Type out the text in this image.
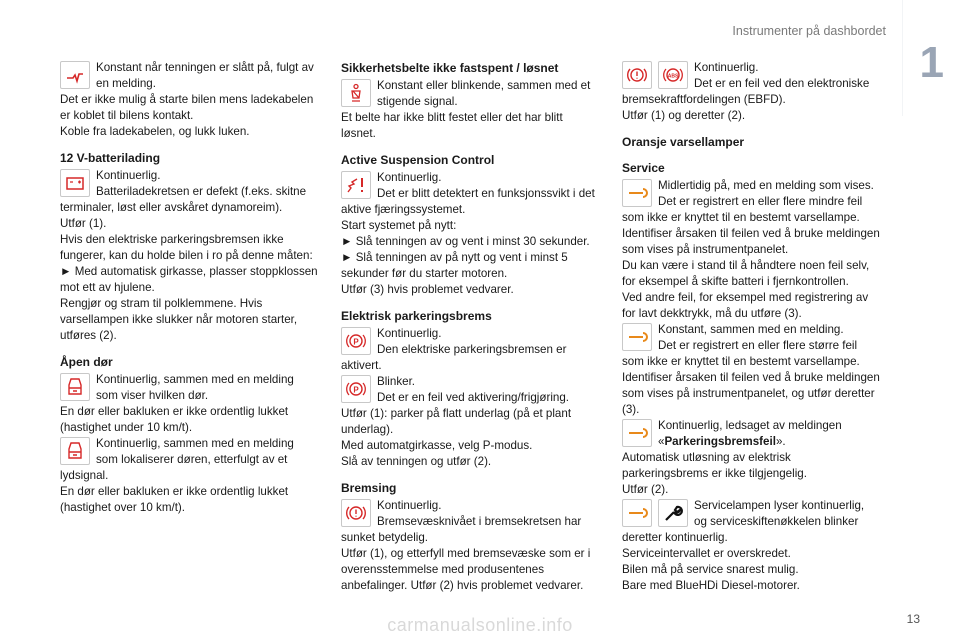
Instrumenter på dashbordet
1
Konstant når tenningen er slått på, fulgt av en melding.

Det er ikke mulig å starte bilen mens ladekabelen er koblet til bilens kontakt.

Koble fra ladekabelen, og lukk luken.

12 V-batterilading
Kontinuerlig.
Batteriladekretsen er defekt (f.eks. skitne terminaler, løst eller avskåret dynamoreim).

Utfør (1).

Hvis den elektriske parkeringsbremsen ikke fungerer, kan du holde bilen i ro på denne måten:

► Med automatisk girkasse, plasser stoppklossen mot ett av hjulene.

Rengjør og stram til polklemmene. Hvis varsellampen ikke slukker når motoren starter, utføres (2).

Åpen dør
Kontinuerlig, sammen med en melding som viser hvilken dør.

En dør eller bakluken er ikke ordentlig lukket (hastighet under 10 km/t).

Kontinuerlig, sammen med en melding som lokaliserer døren, etterfulgt av et lydsignal.

En dør eller bakluken er ikke ordentlig lukket (hastighet over 10 km/t).

Sikkerhetsbelte ikke fastspent / løsnet
Konstant eller blinkende, sammen med et stigende signal.

Et belte har ikke blitt festet eller det har blitt løsnet.

Active Suspension Control
Kontinuerlig.
Det er blitt detektert en funksjonssvikt i det aktive fjæringssystemet.

Start systemet på nytt:

► Slå tenningen av og vent i minst 30 sekunder.

► Slå tenningen av på nytt og vent i minst 5 sekunder før du starter motoren.

Utfør (3) hvis problemet vedvarer.

Elektrisk parkeringsbrems
P
Kontinuerlig.
Den elektriske parkeringsbremsen er aktivert.
P
Blinker.
Det er en feil ved aktivering/frigjøring.

Utfør (1): parker på flatt underlag (på et plant underlag).

Med automatgirkasse, velg P-modus.

Slå av tenningen og utfør (2).

Bremsing
Kontinuerlig.
Bremsevæsknivået i bremsekretsen har sunket betydelig.

Utfør (1), og etterfyll med bremsevæske som er i overensstemmelse med produsentenes anbefalinger. Utfør (2) hvis problemet vedvarer.

ABS
Kontinuerlig.
Det er en feil ved den elektroniske bremsekraftfordelingen (EBFD).

Utfør (1) og deretter (2).

Oransje varsellamper
Service
Midlertidig på, med en melding som vises.
Det er registrert en eller flere mindre feil som ikke er knyttet til en bestemt varsellampe.

Identifiser årsaken til feilen ved å bruke meldingen som vises på instrumentpanelet.

Du kan være i stand til å håndtere noen feil selv, for eksempel å skifte batteri i fjernkontrollen.

Ved andre feil, for eksempel med registrering av for lavt dekktrykk, må du utføre (3).

Konstant, sammen med en melding.
Det er registrert en eller flere større feil som ikke er knyttet til en bestemt varsellampe.

Identifiser årsaken til feilen ved å bruke meldingen som vises på instrumentpanelet, og utfør deretter (3).

Kontinuerlig, ledsaget av meldingen
«Parkeringsbremsfeil».

Automatisk utløsning av elektrisk parkeringsbrems er ikke tilgjengelig.

Utfør (2).

Servicelampen lyser kontinuerlig, og serviceskiftenøkkelen blinker deretter kontinuerlig.

Serviceintervallet er overskredet.

Bilen må på service snarest mulig.

Bare med BlueHDi Diesel-motorer.

13
carmanualsonline.info
